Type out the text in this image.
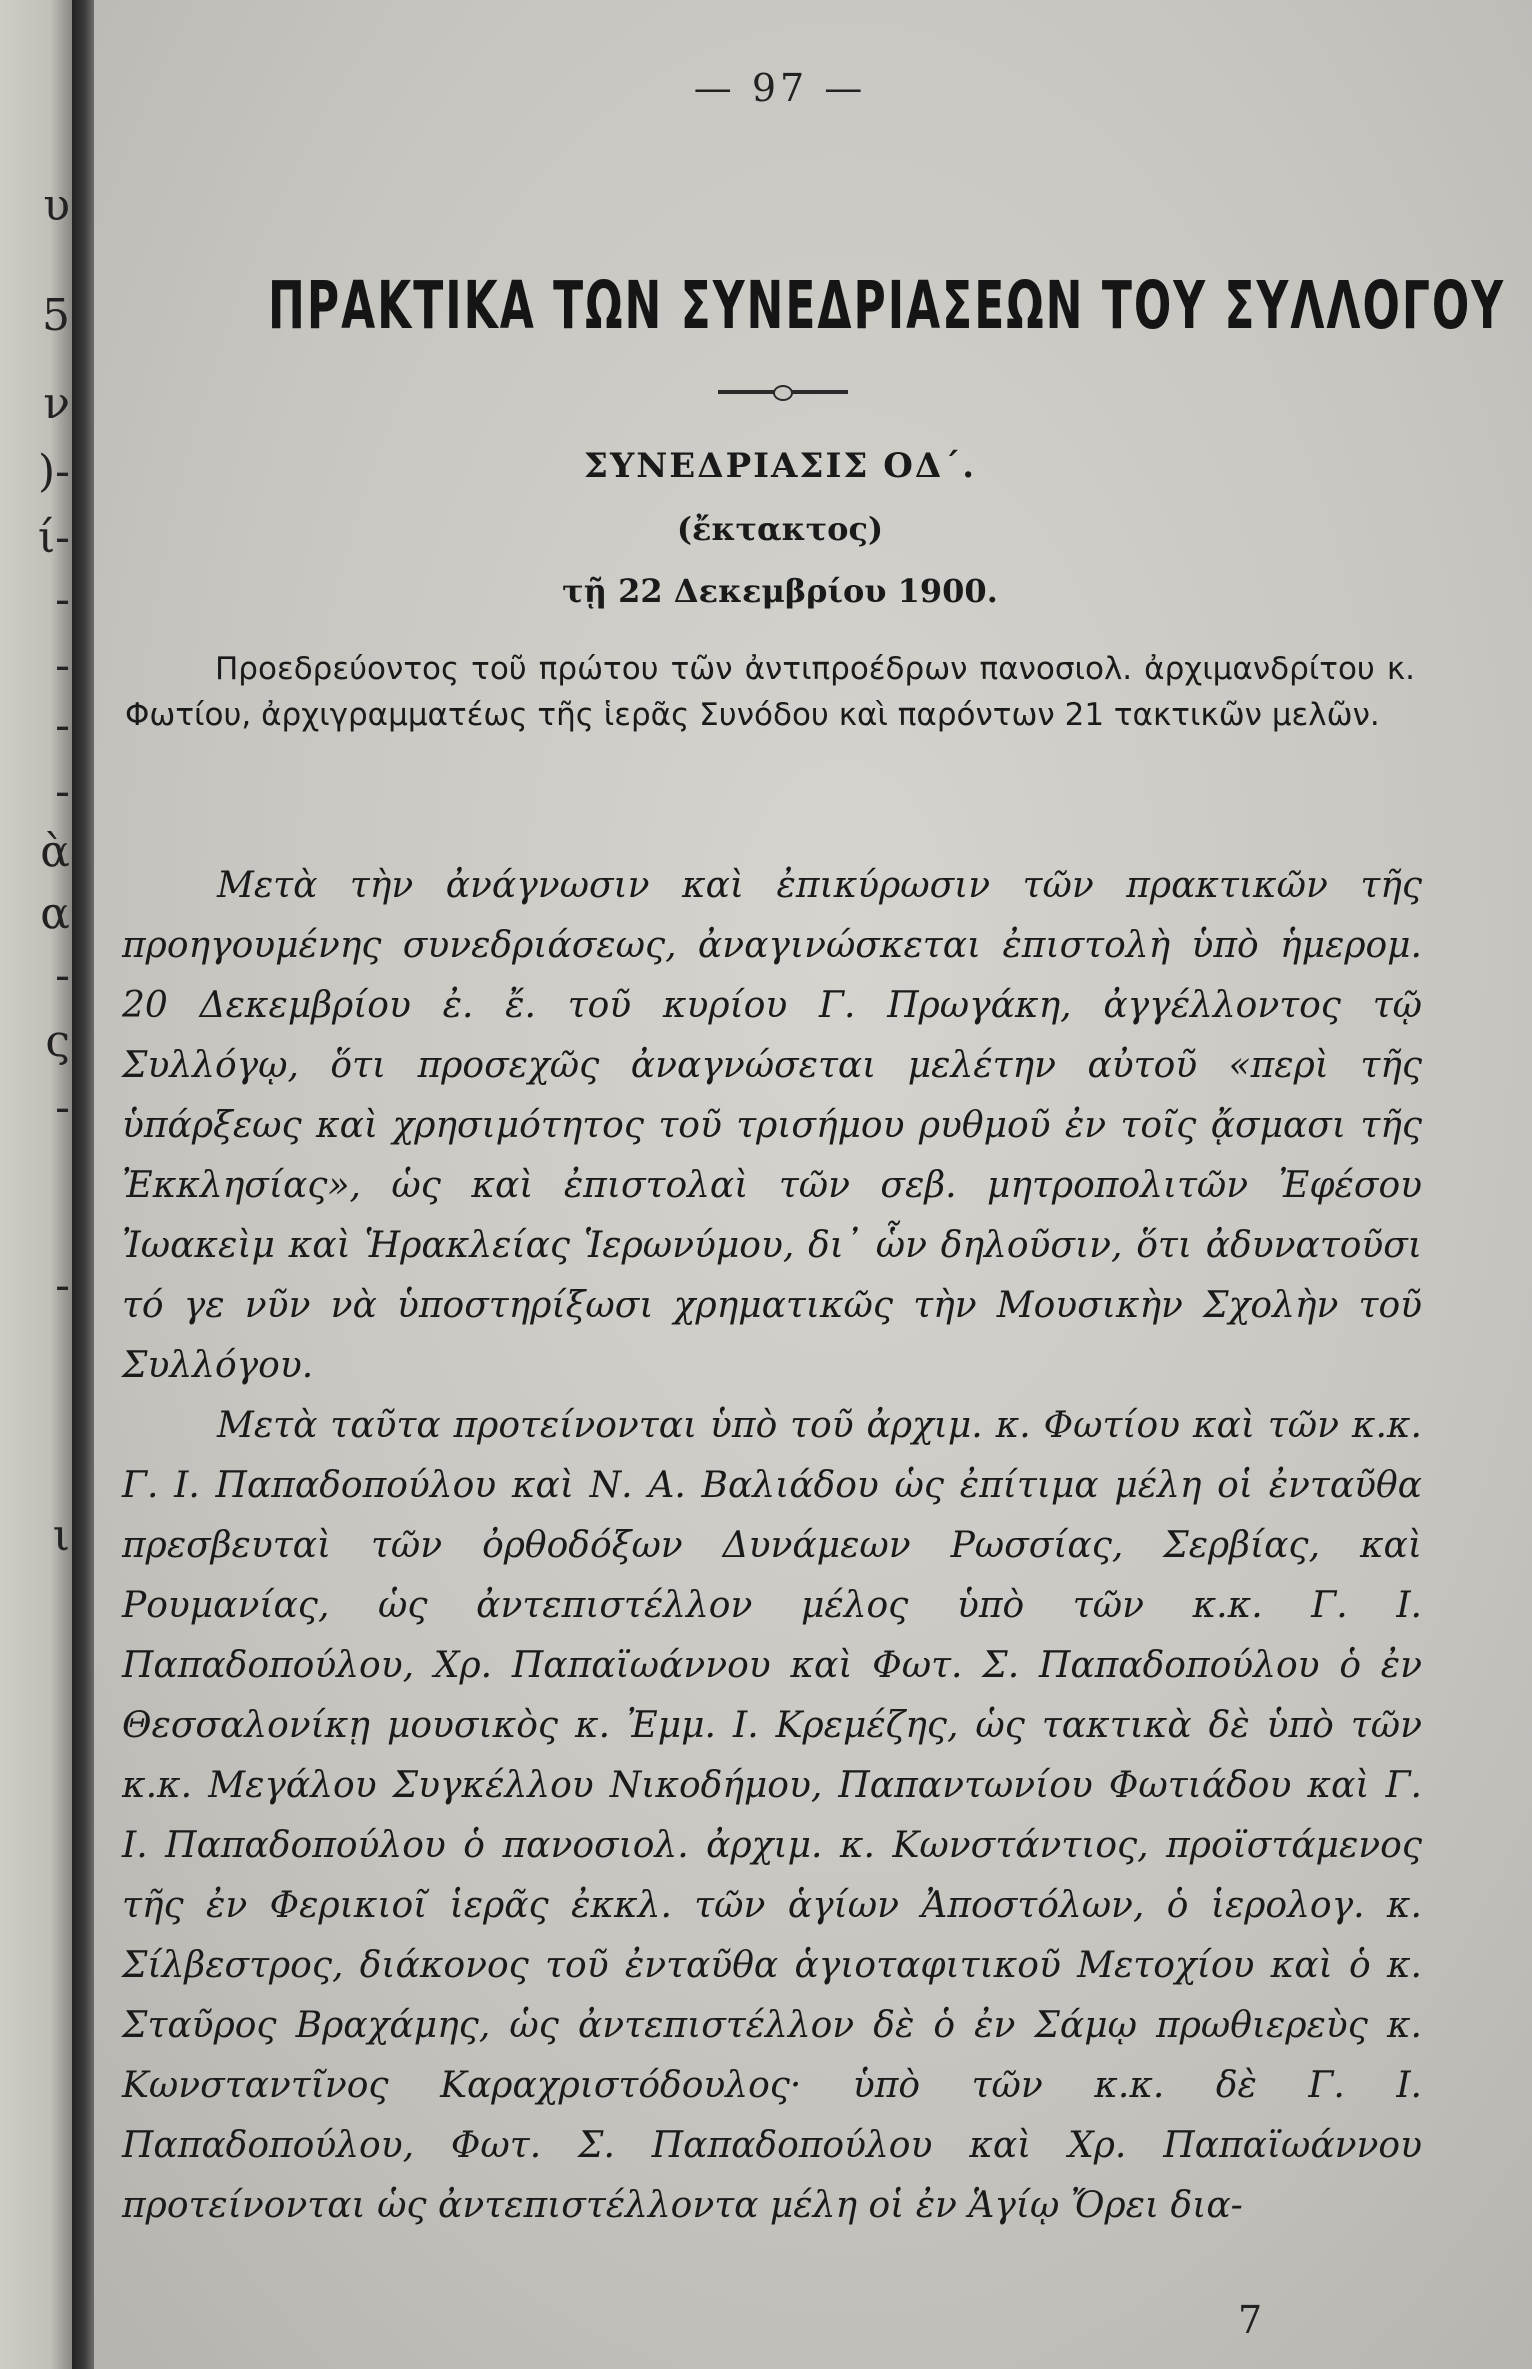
υ
5
ν
)-
ί-
-
-
-
-
ὰ
α
-
ς
-
-
ι
— 97 —
ΠΡΑΚΤΙΚΑ ΤΩΝ ΣΥΝΕΔΡΙΑΣΕΩΝ ΤΟΥ ΣΥΛΛΟΓΟΥ
ΣΥΝΕΔΡΙΑΣΙΣ ΟΔ΄.
(ἔκτακτος)
τῇ 22 Δεκεμβρίου 1900.
Προεδρεύοντος τοῦ πρώτου τῶν ἀντιπροέδρων πανοσιολ. ἀρχιμανδρίτου κ. Φωτίου, ἀρχιγραμματέως τῆς ἱερᾶς Συνόδου καὶ παρόντων 21 τακτικῶν μελῶν.

Μετὰ τὴν ἀνάγνωσιν καὶ ἐπικύρωσιν τῶν πρακτικῶν τῆς προηγουμένης συνεδριάσεως, ἀναγινώσκεται ἐπιστολὴ ὑπὸ ἡμερομ. 20 Δεκεμβρίου ἐ. ἔ. τοῦ κυρίου Γ. Πρωγάκη, ἀγγέλλοντος τῷ Συλλόγῳ, ὅτι προσεχῶς ἀναγνώσεται μελέτην αὐτοῦ «περὶ τῆς ὑπάρξεως καὶ χρησιμότητος τοῦ τρισήμου ρυθμοῦ ἐν τοῖς ᾄσμασι τῆς Ἐκκλησίας», ὡς καὶ ἐπιστολαὶ τῶν σεβ. μητροπολιτῶν Ἐφέσου Ἰωακεὶμ καὶ Ἡρακλείας Ἱερωνύμου, δι᾽ ὧν δηλοῦσιν, ὅτι ἀδυνατοῦσι τό γε νῦν νὰ ὑποστηρίξωσι χρηματικῶς τὴν Μουσικὴν Σχολὴν τοῦ Συλλόγου.

Μετὰ ταῦτα προτείνονται ὑπὸ τοῦ ἀρχιμ. κ. Φωτίου καὶ τῶν κ.κ. Γ. Ι. Παπαδοπούλου καὶ Ν. Α. Βαλιάδου ὡς ἐπίτιμα μέλη οἱ ἐνταῦθα πρεσβευταὶ τῶν ὀρθοδόξων Δυνάμεων Ρωσσίας, Σερβίας, καὶ Ρουμανίας, ὡς ἀντεπιστέλλον μέλος ὑπὸ τῶν κ.κ. Γ. Ι. Παπαδοπούλου, Χρ. Παπαϊωάννου καὶ Φωτ. Σ. Παπαδοπούλου ὁ ἐν Θεσσαλονίκῃ μουσικὸς κ. Ἐμμ. Ι. Κρεμέζης, ὡς τακτικὰ δὲ ὑπὸ τῶν κ.κ. Μεγάλου Συγκέλλου Νικοδήμου, Παπαντωνίου Φωτιάδου καὶ Γ. Ι. Παπαδοπούλου ὁ πανοσιολ. ἀρχιμ. κ. Κωνστάντιος, προϊστάμενος τῆς ἐν Φερικιοῖ ἱερᾶς ἐκκλ. τῶν ἁγίων Ἀποστόλων, ὁ ἱερολογ. κ. Σίλβεστρος, διάκονος τοῦ ἐνταῦθα ἁγιοταφιτικοῦ Μετοχίου καὶ ὁ κ. Σταῦρος Βραχάμης, ὡς ἀντεπιστέλλον δὲ ὁ ἐν Σάμῳ πρωθιερεὺς κ. Κωνσταντῖνος Καραχριστόδουλος· ὑπὸ τῶν κ.κ. δὲ Γ. Ι. Παπαδοπούλου, Φωτ. Σ. Παπαδοπούλου καὶ Χρ. Παπαϊωάννου προτείνονται ὡς ἀντεπιστέλλοντα μέλη οἱ ἐν Ἁγίῳ Ὄρει δια-

7
